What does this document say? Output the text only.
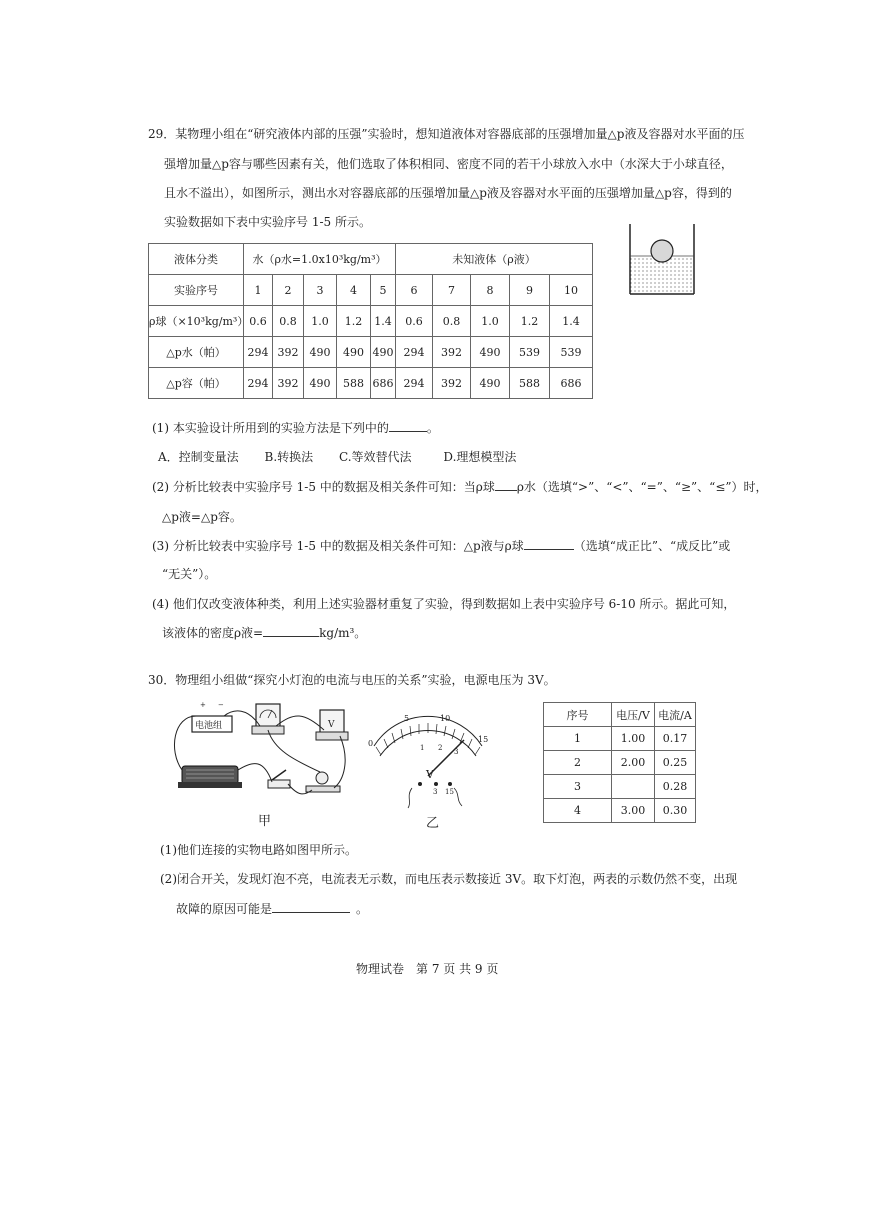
29．某物理小组在“研究液体内部的压强”实验时，想知道液体对容器底部的压强增加量△p液及容器对水平面的压
强增加量△p容与哪些因素有关，他们选取了体积相同、密度不同的若干小球放入水中（水深大于小球直径，
且水不溢出），如图所示，测出水对容器底部的压强增加量△p液及容器对水平面的压强增加量△p容，得到的
实验数据如下表中实验序号 1-5 所示。
液体分类	水（ρ水=1.0x10³kg/m³）					未知液体（ρ液）				
实验序号	1	2	3	4	5	6	7	8	9	10
ρ球（×10³kg/m³）	0.6	0.8	1.0	1.2	1.4	0.6	0.8	1.0	1.2	1.4
△p水（帕）	294	392	490	490	490	294	392	490	539	539
△p容（帕）	294	392	490	588	686	294	392	490	588	686
(1) 本实验设计所用到的实验方法是下列中的	。
A．控制变量法 B.转换法 C.等效替代法	D.理想模型法
(2) 分析比较表中实验序号 1-5 中的数据及相关条件可知：当ρ球 ρ水（选填“>”、“<”、“=”、“≥”、“≤”）时，
△p液=△p容。
(3) 分析比较表中实验序号 1-5 中的数据及相关条件可知：△p液与ρ球	（选填“成正比”、“成反比”或
“无关”）。
(4) 他们仅改变液体种类，利用上述实验器材重复了实验，得到数据如上表中实验序号 6-10 所示。据此可知，
该液体的密度ρ液=	kg/m³。
30．物理组小组做“探究小灯泡的电流与电压的关系”实验，电源电压为 3V。
+ −
电池组	V
甲
0
5	10
15
1 2 3
V
3 15
乙
序号	电压/V	电流/A
1	1.00	0.17
2	2.00	0.25
3		0.28
4	3.00	0.30
(1)他们连接的实物电路如图甲所示。
(2)闭合开关，发现灯泡不亮，电流表无示数，而电压表示数接近 3V。取下灯泡，两表的示数仍然不变，出现
故障的原因可能是	。
物理试卷　第 7 页 共 9 页
